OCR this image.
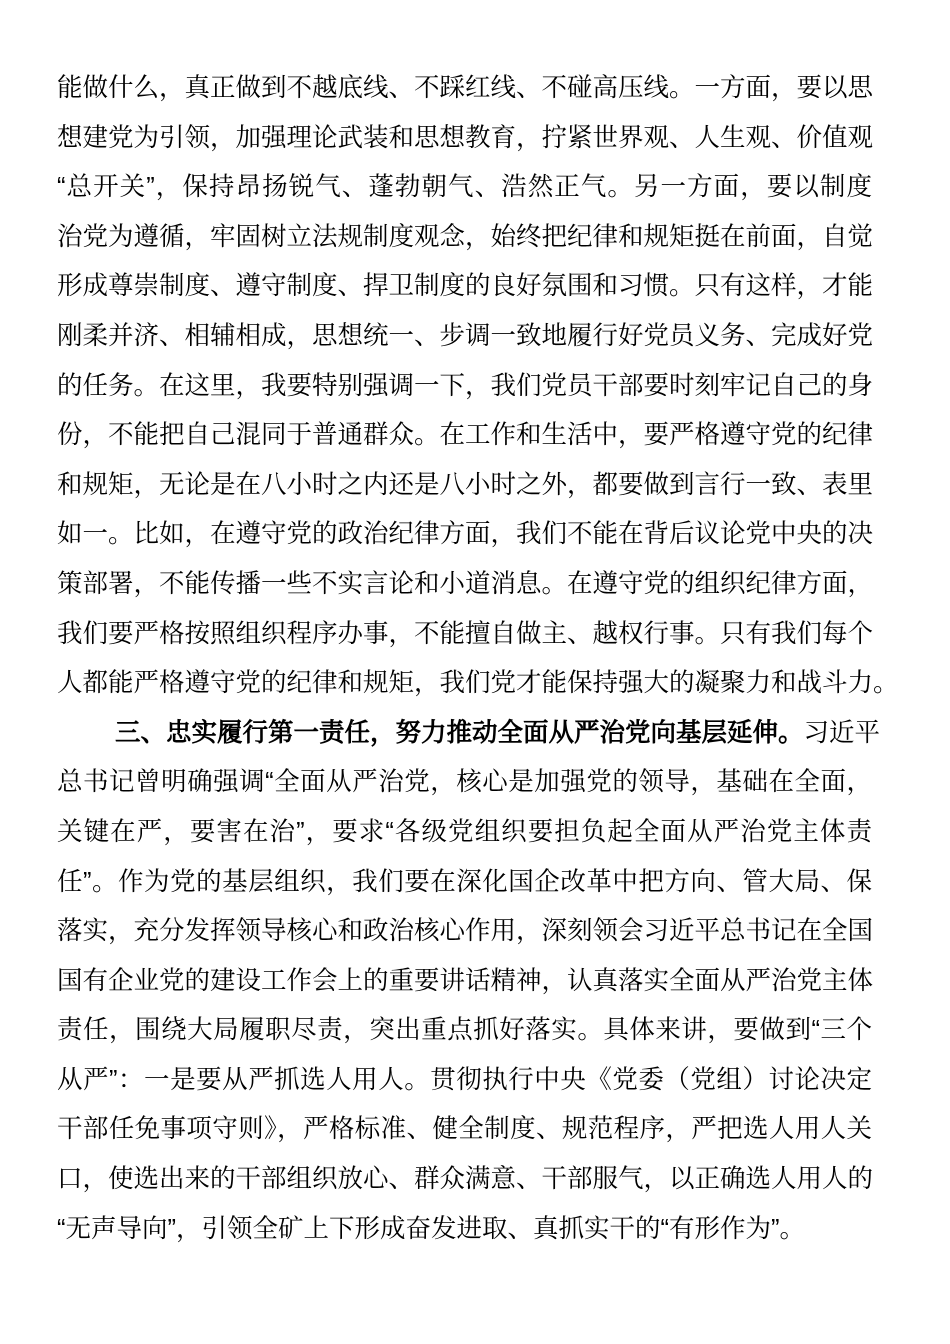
能做什么，真正做到不越底线、不踩红线、不碰高压线。一方面，要以思
想建党为引领，加强理论武装和思想教育，拧紧世界观、人生观、价值观
“总开关”，保持昂扬锐气、蓬勃朝气、浩然正气。另一方面，要以制度
治党为遵循，牢固树立法规制度观念，始终把纪律和规矩挺在前面，自觉
形成尊崇制度、遵守制度、捍卫制度的良好氛围和习惯。只有这样，才能
刚柔并济、相辅相成，思想统一、步调一致地履行好党员义务、完成好党
的任务。在这里，我要特别强调一下，我们党员干部要时刻牢记自己的身
份，不能把自己混同于普通群众。在工作和生活中，要严格遵守党的纪律
和规矩，无论是在八小时之内还是八小时之外，都要做到言行一致、表里
如一。比如，在遵守党的政治纪律方面，我们不能在背后议论党中央的决
策部署，不能传播一些不实言论和小道消息。在遵守党的组织纪律方面，
我们要严格按照组织程序办事，不能擅自做主、越权行事。只有我们每个
人都能严格遵守党的纪律和规矩，我们党才能保持强大的凝聚力和战斗力。
三、忠实履行第一责任，努力推动全面从严治党向基层延伸。习近平
总书记曾明确强调“全面从严治党，核心是加强党的领导，基础在全面，
关键在严，要害在治”，要求“各级党组织要担负起全面从严治党主体责
任”。作为党的基层组织，我们要在深化国企改革中把方向、管大局、保
落实，充分发挥领导核心和政治核心作用，深刻领会习近平总书记在全国
国有企业党的建设工作会上的重要讲话精神，认真落实全面从严治党主体
责任，围绕大局履职尽责，突出重点抓好落实。具体来讲，要做到“三个
从严”：一是要从严抓选人用人。贯彻执行中央《党委（党组）讨论决定
干部任免事项守则》，严格标准、健全制度、规范程序，严把选人用人关
口，使选出来的干部组织放心、群众满意、干部服气，以正确选人用人的
“无声导向”，引领全矿上下形成奋发进取、真抓实干的“有形作为”。
